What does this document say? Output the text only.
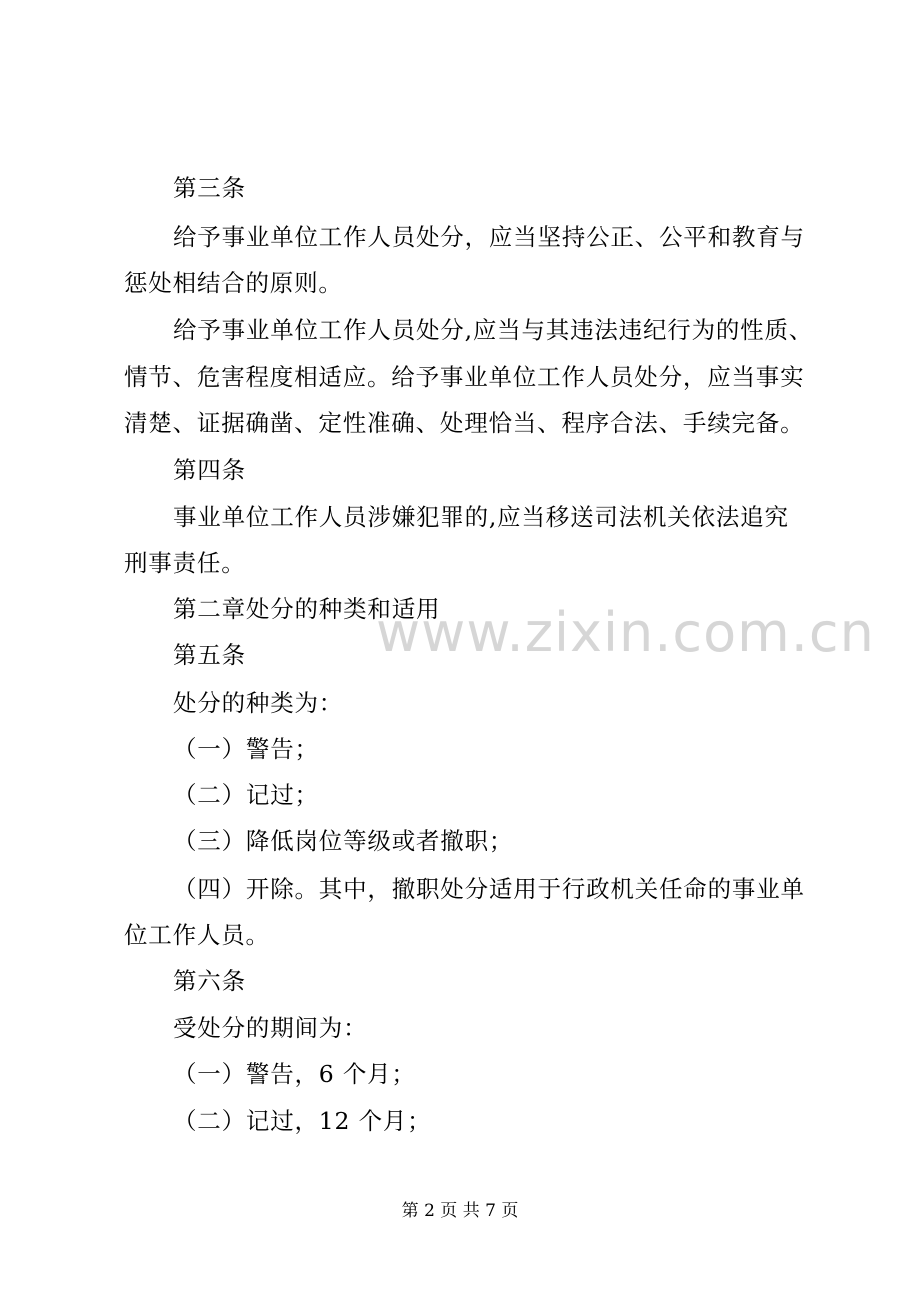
www.zixin.com.cn
第三条
给予事业单位工作人员处分，应当坚持公正、公平和教育与
惩处相结合的原则。
给予事业单位工作人员处分,应当与其违法违纪行为的性质、
情节、危害程度相适应。给予事业单位工作人员处分，应当事实
清楚、证据确凿、定性准确、处理恰当、程序合法、手续完备。
第四条
事业单位工作人员涉嫌犯罪的,应当移送司法机关依法追究
刑事责任。
第二章处分的种类和适用
第五条
处分的种类为：
（一）警告；
（二）记过；
（三）降低岗位等级或者撤职；
（四）开除。其中，撤职处分适用于行政机关任命的事业单
位工作人员。
第六条
受处分的期间为：
（一）警告，6 个月；
（二）记过，12 个月；
第 2 页 共 7 页
